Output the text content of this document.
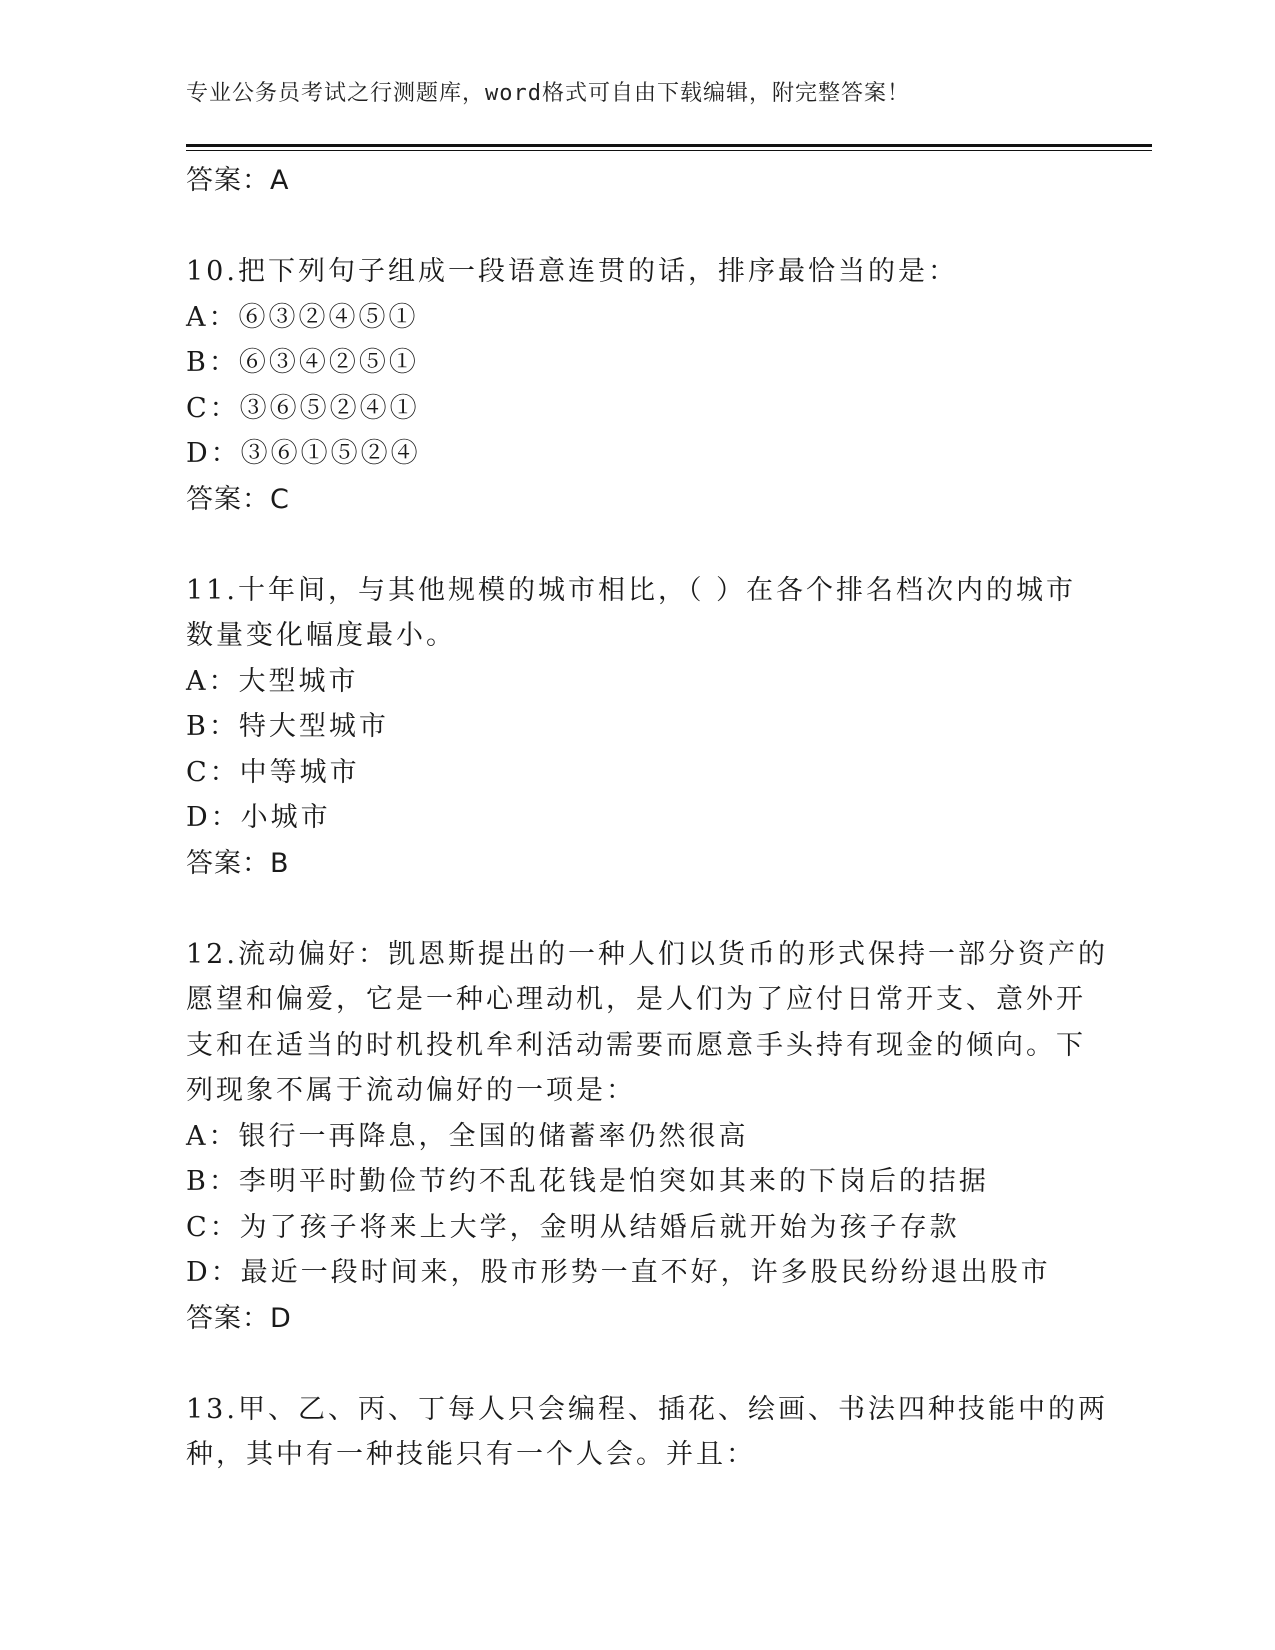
专业公务员考试之行测题库，word格式可自由下载编辑，附完整答案！
答案：A
10.把下列句子组成一段语意连贯的话，排序最恰当的是：
A：⑥③②④⑤①
B：⑥③④②⑤①
C：③⑥⑤②④①
D：③⑥①⑤②④
答案：C
11.十年间，与其他规模的城市相比，（ ）在各个排名档次内的城市
数量变化幅度最小。
A：大型城市
B：特大型城市
C：中等城市
D：小城市
答案：B
12.流动偏好：凯恩斯提出的一种人们以货币的形式保持一部分资产的
愿望和偏爱，它是一种心理动机，是人们为了应付日常开支、意外开
支和在适当的时机投机牟利活动需要而愿意手头持有现金的倾向。下
列现象不属于流动偏好的一项是：
A：银行一再降息，全国的储蓄率仍然很高
B：李明平时勤俭节约不乱花钱是怕突如其来的下岗后的拮据
C：为了孩子将来上大学，金明从结婚后就开始为孩子存款
D：最近一段时间来，股市形势一直不好，许多股民纷纷退出股市
答案：D
13.甲、乙、丙、丁每人只会编程、插花、绘画、书法四种技能中的两
种，其中有一种技能只有一个人会。并且：
